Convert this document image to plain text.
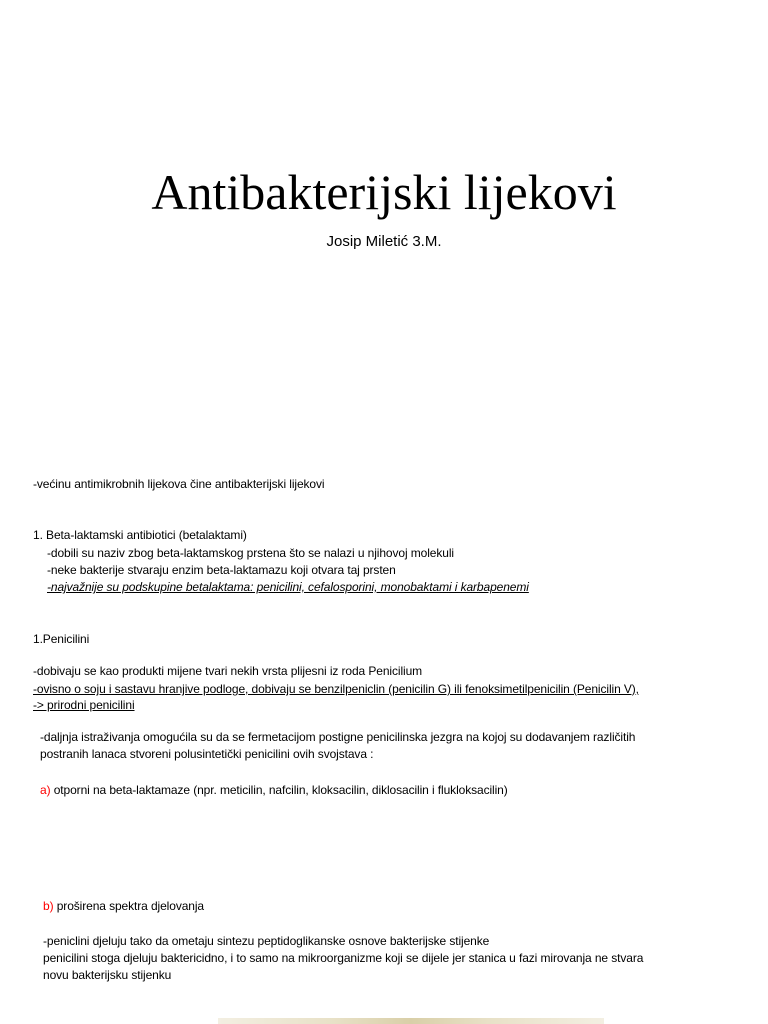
Antibakterijski lijekovi
Josip Miletić 3.M.
-većinu antimikrobnih lijekova čine antibakterijski lijekovi
1. Beta-laktamski antibiotici (betalaktami)
-dobili su naziv zbog beta-laktamskog prstena što se nalazi u njihovoj molekuli
-neke bakterije stvaraju enzim beta-laktamazu koji otvara taj prsten
-najvažnije su podskupine betalaktama: penicilini, cefalosporini, monobaktami i karbapenemi
1.Penicilini
-dobivaju se kao produkti mijene tvari nekih vrsta plijesni iz roda Penicilium
-ovisno o soju i sastavu hranjive podloge, dobivaju se benzilpeniclin (penicilin G) ili fenoksimetilpenicilin (Penicilin V),
-> prirodni penicilini
-daljnja istraživanja omogućila su da se fermetacijom postigne penicilinska jezgra na kojoj su dodavanjem različitih
postranih lanaca stvoreni polusintetički penicilini ovih svojstava :
a) otporni na beta-laktamaze (npr. meticilin, nafcilin, kloksacilin, diklosacilin i flukloksacilin)
b) proširena spektra djelovanja
-peniclini djeluju tako da ometaju sintezu peptidoglikanske osnove bakterijske stijenke
penicilini stoga djeluju baktericidno, i to samo na mikroorganizme koji se dijele jer stanica u fazi mirovanja ne stvara
novu bakterijsku stijenku
